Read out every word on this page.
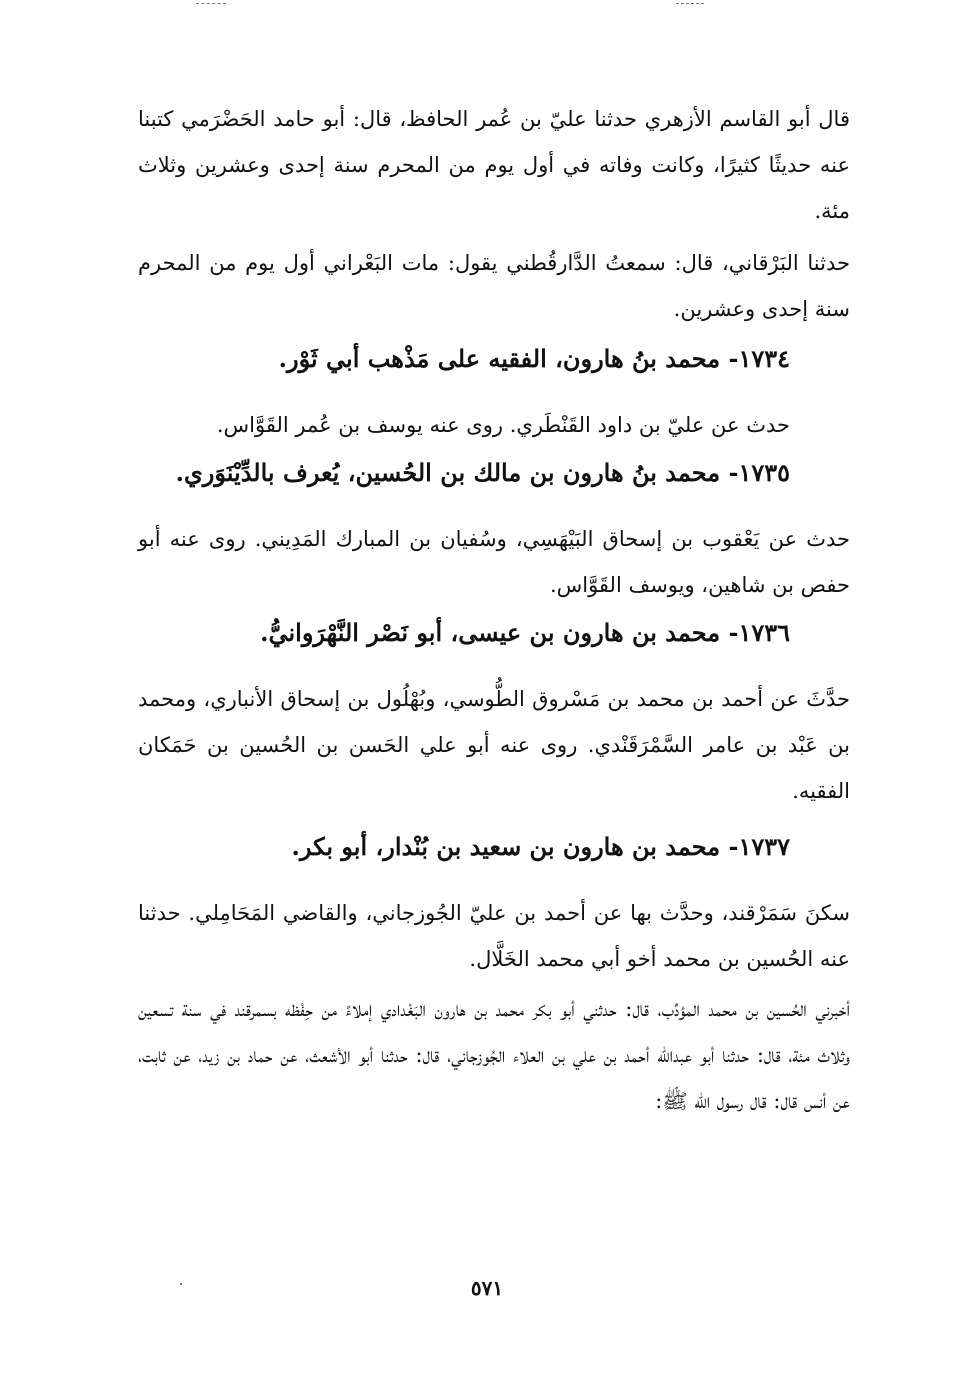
قال أبو القاسم الأزهري حدثنا عليّ بن عُمر الحافظ، قال: أبو حامد الحَضْرَمي كتبنا عنه حديثًا كثيرًا، وكانت وفاته في أول يوم من المحرم سنة إحدى وعشرين وثلاث مئة.

حدثنا البَرْقاني، قال: سمعتُ الدَّارقُطني يقول: مات البَعْراني أول يوم من المحرم سنة إحدى وعشرين.

١٧٣٤- محمد بنُ هارون، الفقيه على مَذْهب أبي ثَوْر.

حدث عن عليّ بن داود القَنْطَري. روى عنه يوسف بن عُمر القَوَّاس.

١٧٣٥- محمد بنُ هارون بن مالك بن الحُسين، يُعرف بالدِّيْنَوَري.

حدث عن يَعْقوب بن إسحاق البَيْهَسِي، وسُفيان بن المبارك المَدِيني. روى عنه أبو حفص بن شاهين، ويوسف القَوَّاس.

١٧٣٦- محمد بن هارون بن عيسى، أبو نَصْر النَّهْرَوانيُّ.

حدَّثَ عن أحمد بن محمد بن مَسْروق الطُّوسي، وبُهْلُول بن إسحاق الأنباري، ومحمد بن عَبْد بن عامر السَّمْرَقَنْدي. روى عنه أبو علي الحَسن بن الحُسين بن حَمَكان الفقيه.

١٧٣٧- محمد بن هارون بن سعيد بن بُنْدار، أبو بكر.

سكنَ سَمَرْقند، وحدَّث بها عن أحمد بن عليّ الجُوزجاني، والقاضي المَحَامِلي. حدثنا عنه الحُسين بن محمد أخو أبي محمد الخَلَّال.

أخبرني الحُسين بن محمد المؤدِّب، قال: حدثني أبو بكر محمد بن هارون البَغْدادي إملاءً من حِفْظه بسمرقند في سنة تسعين وثلاث مئة، قال: حدثنا أبو عبدالله أحمد بن علي بن العلاء الجُوزجاني، قال: حدثنا أبو الأشعث، عن حماد بن زيد، عن ثابت، عن أنس قال: قال رسول الله ﷺ:

٥٧١
